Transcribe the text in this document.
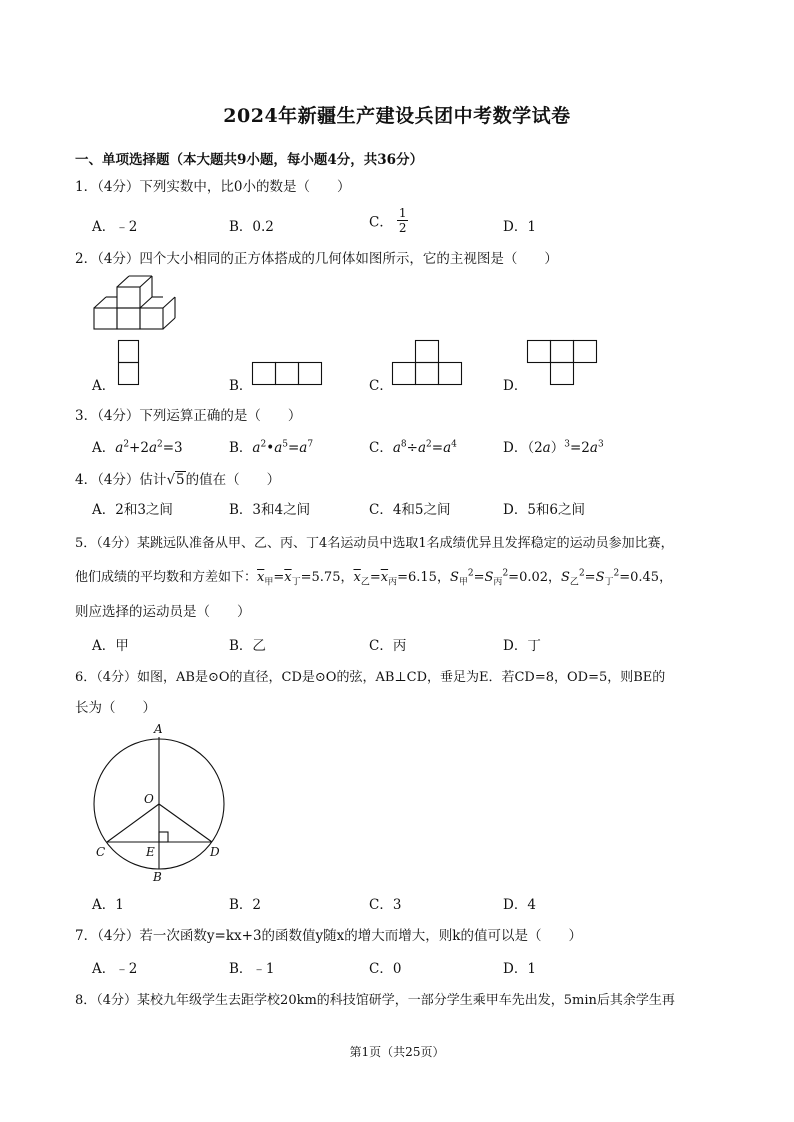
2024年新疆生产建设兵团中考数学试卷
一、单项选择题（本大题共9小题，每小题4分，共36分）
1．（4分）下列实数中，比0小的数是（　　）
A．﹣2	B．0.2	C． $\frac{1}{2}$	D．1
2．（4分）四个大小相同的正方体搭成的几何体如图所示，它的主视图是（　　）
A．	B．	C．	D．
3．（4分）下列运算正确的是（　　）
A．$a^2+2a^2=3$	B．$a^2•a^5=a^7$	C．$a^8\div a^2=a^4$	D．$(2a)^3=2a^3$
4．（4分）估计√5的值在（　　）
A．2和3之间	B．3和4之间	C．4和5之间	D．5和6之间
5．（4分）某跳远队准备从甲、乙、丙、丁4名运动员中选取1名成绩优异且发挥稳定的运动员参加比赛，
他们成绩的平均数和方差如下：$\overline{x}_甲=\overline{x}_丁=5.75$，$\overline{x}_乙=\overline{x}_丙=6.15$，$S_甲^2=S_丙^2=0.02$，$S_乙^2=S_丁^2=0.45$，
则应选择的运动员是（　　）
A．甲	B．乙	C．丙	D．丁
6．（4分）如图，AB是⊙O的直径，CD是⊙O的弦，AB⊥CD，垂足为E．若CD=8，OD=5，则BE的
长为（　　）
A
O
C	E	D
B
A．1	B．2	C．3	D．4
7．（4分）若一次函数y=kx+3的函数值y随x的增大而增大，则k的值可以是（　　）
A．﹣2	B．﹣1	C．0	D．1
8．（4分）某校九年级学生去距学校20km的科技馆研学，一部分学生乘甲车先出发，5min后其余学生再
第1页（共25页）
